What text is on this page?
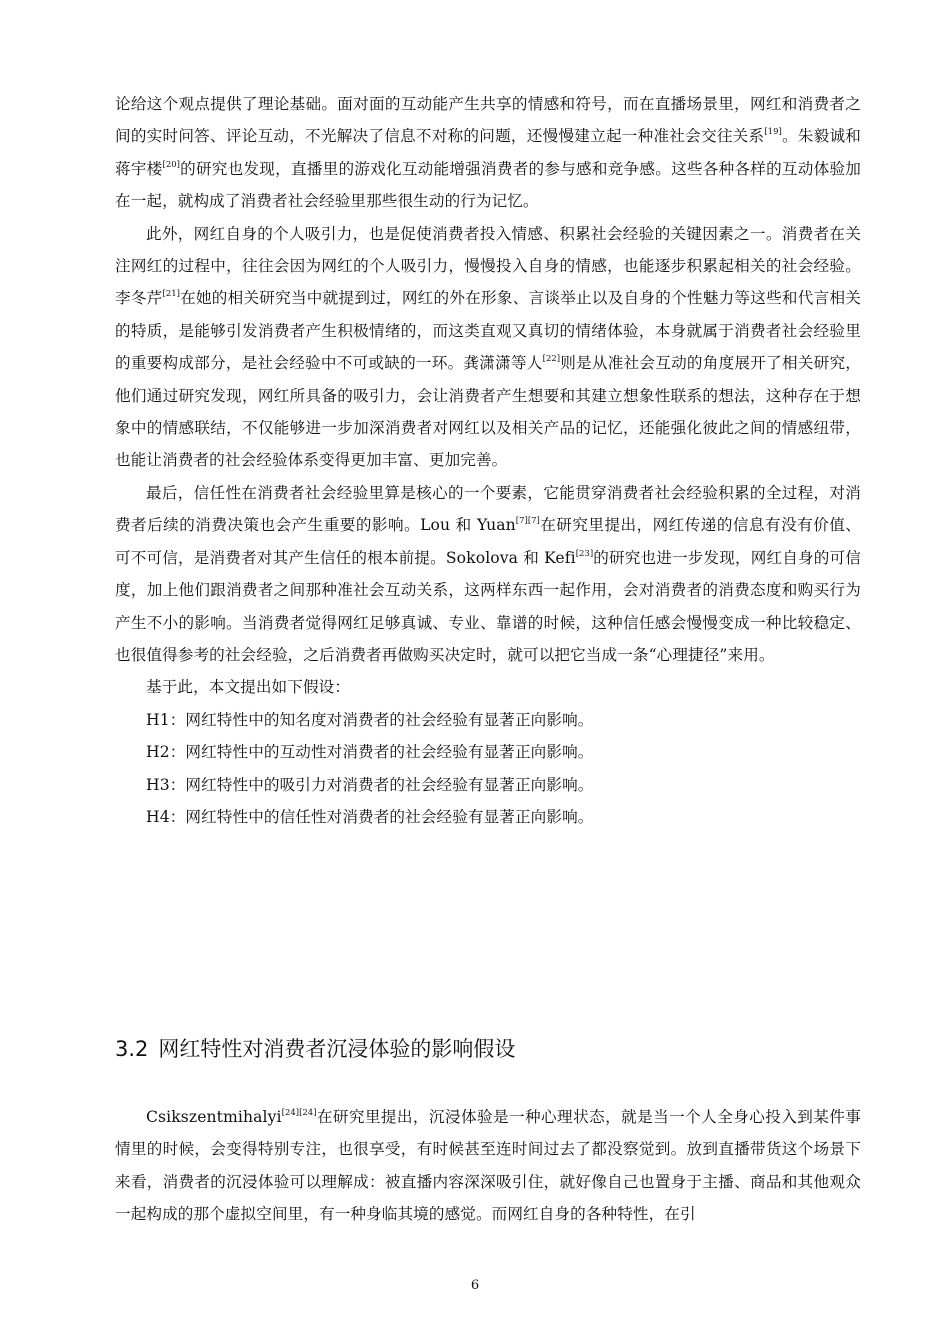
论给这个观点提供了理论基础。面对面的互动能产生共享的情感和符号，而在直播场景里，网红和消费者之间的实时问答、评论互动，不光解决了信息不对称的问题，还慢慢建立起一种准社会交往关系[19]。朱毅诚和蒋宇楼[20]的研究也发现，直播里的游戏化互动能增强消费者的参与感和竞争感。这些各种各样的互动体验加在一起，就构成了消费者社会经验里那些很生动的行为记忆。

此外，网红自身的个人吸引力，也是促使消费者投入情感、积累社会经验的关键因素之一。消费者在关注网红的过程中，往往会因为网红的个人吸引力，慢慢投入自身的情感，也能逐步积累起相关的社会经验。李冬芹[21]在她的相关研究当中就提到过，网红的外在形象、言谈举止以及自身的个性魅力等这些和代言相关的特质，是能够引发消费者产生积极情绪的，而这类直观又真切的情绪体验，本身就属于消费者社会经验里的重要构成部分，是社会经验中不可或缺的一环。龚潇潇等人[22]则是从准社会互动的角度展开了相关研究，他们通过研究发现，网红所具备的吸引力，会让消费者产生想要和其建立想象性联系的想法，这种存在于想象中的情感联结，不仅能够进一步加深消费者对网红以及相关产品的记忆，还能强化彼此之间的情感纽带，也能让消费者的社会经验体系变得更加丰富、更加完善。

最后，信任性在消费者社会经验里算是核心的一个要素，它能贯穿消费者社会经验积累的全过程，对消费者后续的消费决策也会产生重要的影响。Lou 和 Yuan[7][7]在研究里提出，网红传递的信息有没有价值、可不可信，是消费者对其产生信任的根本前提。Sokolova 和 Kefi[23]的研究也进一步发现，网红自身的可信度，加上他们跟消费者之间那种准社会互动关系，这两样东西一起作用，会对消费者的消费态度和购买行为产生不小的影响。当消费者觉得网红足够真诚、专业、靠谱的时候，这种信任感会慢慢变成一种比较稳定、也很值得参考的社会经验，之后消费者再做购买决定时，就可以把它当成一条“心理捷径”来用。

基于此，本文提出如下假设：

H1：网红特性中的知名度对消费者的社会经验有显著正向影响。

H2：网红特性中的互动性对消费者的社会经验有显著正向影响。

H3：网红特性中的吸引力对消费者的社会经验有显著正向影响。

H4：网红特性中的信任性对消费者的社会经验有显著正向影响。

3.2 网红特性对消费者沉浸体验的影响假设

Csikszentmihalyi[24][24]在研究里提出，沉浸体验是一种心理状态，就是当一个人全身心投入到某件事情里的时候，会变得特别专注，也很享受，有时候甚至连时间过去了都没察觉到。放到直播带货这个场景下来看，消费者的沉浸体验可以理解成：被直播内容深深吸引住，就好像自己也置身于主播、商品和其他观众一起构成的那个虚拟空间里，有一种身临其境的感觉。而网红自身的各种特性，在引

6
